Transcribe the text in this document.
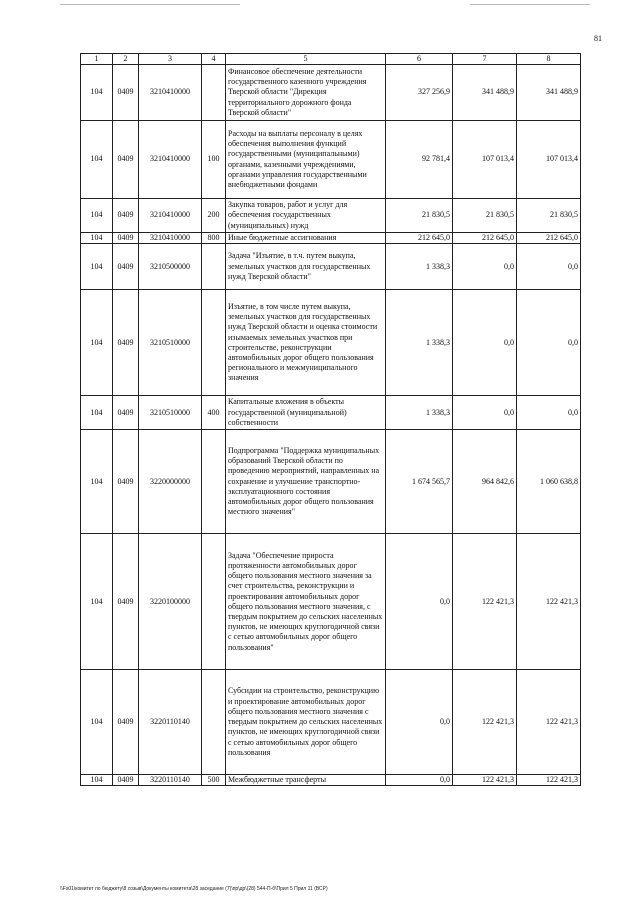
81
1	2	3	4	5	6	7	8
104	0409	3210410000		Финансовое обеспечение деятельности государственного казенного учреждения Тверской области "Дирекция территориального дорожного фонда Тверской области"	327 256,9	341 488,9	341 488,9
104	0409	3210410000	100	Расходы на выплаты персоналу в целях обеспечения выполнения функций государственными (муниципальными) органами, казенными учреждениями, органами управления государственными внебюджетными фондами	92 781,4	107 013,4	107 013,4
104	0409	3210410000	200	Закупка товаров, работ и услуг для обеспечения государственных (муниципальных) нужд	21 830,5	21 830,5	21 830,5
104	0409	3210410000	800	Иные бюджетные ассигнования	212 645,0	212 645,0	212 645,0
104	0409	3210500000		Задача "Изъятие, в т.ч. путем выкупа, земельных участков для государственных нужд Тверской области"	1 338,3	0,0	0,0
104	0409	3210510000		Изъятие, в том числе путем выкупа, земельных участков для государственных нужд Тверской области и оценка стоимости изымаемых земельных участков при строительстве, реконструкции автомобильных дорог общего пользования регионального и межмуниципального значения	1 338,3	0,0	0,0
104	0409	3210510000	400	Капитальные вложения в объекты государственной (муниципальной) собственности	1 338,3	0,0	0,0
104	0409	3220000000		Подпрограмма "Поддержка муниципальных образований Тверской области по проведению мероприятий, направленных на сохранение и улучшение транспортно-эксплуатационного состояния автомобильных дорог общего пользования местного значения"	1 674 565,7	964 842,6	1 060 638,8
104	0409	3220100000		Задача "Обеспечение прироста протяженности автомобильных дорог общего пользования местного значения за счет строительства, реконструкции и проектирования автомобильных дорог общего пользования местного значения, с твердым покрытием до сельских населенных пунктов, не имеющих круглогодичной связи с сетью автомобильных дорог общего пользования"	0,0	122 421,3	122 421,3
104	0409	3220110140		Субсидии на строительство, реконструкцию и проектирование автомобильных дорог общего пользования местного значения с твердым покрытием до сельских населенных пунктов, не имеющих круглогодичной связи с сетью автомобильных дорог общего пользования	0,0	122 421,3	122 421,3
104	0409	3220110140	500	Межбюджетные трансферты	0,0	122 421,3	122 421,3
\\Fs01\комитет по бюджету\8 созыв\Документы комитета\28 заседание (7)\пр\др\(28) 544-П-б\Прил 5 Прил 11 (ВСР)
